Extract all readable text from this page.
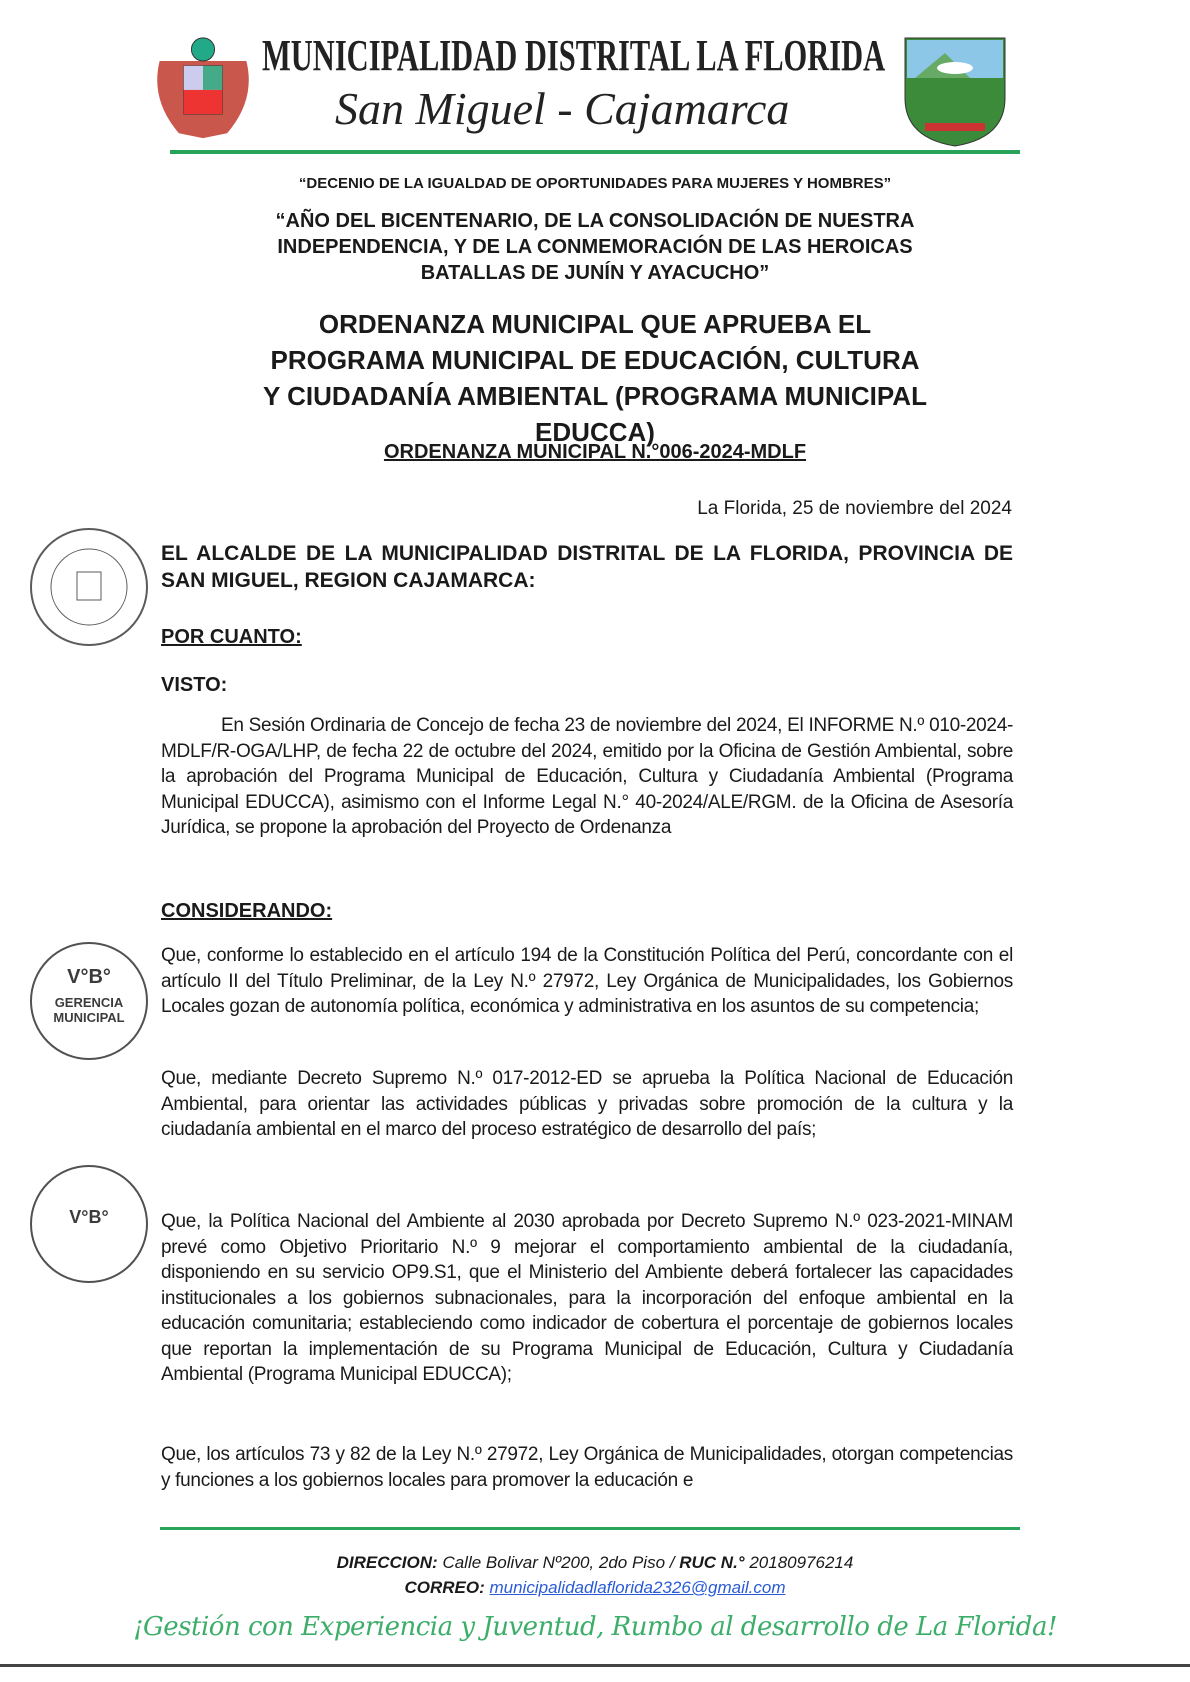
MUNICIPALIDAD DISTRITAL LA FLORIDA
San Miguel - Cajamarca
“DECENIO DE LA IGUALDAD DE OPORTUNIDADES PARA MUJERES Y HOMBRES”
“AÑO DEL BICENTENARIO, DE LA CONSOLIDACIÓN DE NUESTRA INDEPENDENCIA, Y DE LA CONMEMORACIÓN DE LAS HEROICAS BATALLAS DE JUNÍN Y AYACUCHO”
ORDENANZA MUNICIPAL QUE APRUEBA EL PROGRAMA MUNICIPAL DE EDUCACIÓN, CULTURA Y CIUDADANÍA AMBIENTAL (PROGRAMA MUNICIPAL EDUCCA)
ORDENANZA MUNICIPAL N.°006-2024-MDLF
La Florida, 25 de noviembre del 2024
EL ALCALDE DE LA MUNICIPALIDAD DISTRITAL DE LA FLORIDA, PROVINCIA DE SAN MIGUEL, REGION CAJAMARCA:
POR CUANTO:
VISTO:
En Sesión Ordinaria de Concejo de fecha 23 de noviembre del 2024, El INFORME N.º 010-2024- MDLF/R-OGA/LHP, de fecha 22 de octubre del 2024, emitido por la Oficina de Gestión Ambiental, sobre la aprobación del Programa Municipal de Educación, Cultura y Ciudadanía Ambiental (Programa Municipal EDUCCA), asimismo con el Informe Legal N.° 40-2024/ALE/RGM. de la Oficina de Asesoría Jurídica, se propone la aprobación del Proyecto de Ordenanza
CONSIDERANDO:
Que, conforme lo establecido en el artículo 194 de la Constitución Política del Perú, concordante con el artículo II del Título Preliminar, de la Ley N.º 27972, Ley Orgánica de Municipalidades, los Gobiernos Locales gozan de autonomía política, económica y administrativa en los asuntos de su competencia;
Que, mediante Decreto Supremo N.º 017-2012-ED se aprueba la Política Nacional de Educación Ambiental, para orientar las actividades públicas y privadas sobre promoción de la cultura y la ciudadanía ambiental en el marco del proceso estratégico de desarrollo del país;
Que, la Política Nacional del Ambiente al 2030 aprobada por Decreto Supremo N.º 023-2021-MINAM prevé como Objetivo Prioritario N.º 9 mejorar el comportamiento ambiental de la ciudadanía, disponiendo en su servicio OP9.S1, que el Ministerio del Ambiente deberá fortalecer las capacidades institucionales a los gobiernos subnacionales, para la incorporación del enfoque ambiental en la educación comunitaria; estableciendo como indicador de cobertura el porcentaje de gobiernos locales que reportan la implementación de su Programa Municipal de Educación, Cultura y Ciudadanía Ambiental (Programa Municipal EDUCCA);
Que, los artículos 73 y 82 de la Ley N.º 27972, Ley Orgánica de Municipalidades, otorgan competencias y funciones a los gobiernos locales para promover la educación e
V°B°
GERENCIA
MUNICIPAL
V°B°
DIRECCION: Calle Bolivar Nº200, 2do Piso / RUC N.° 20180976214
CORREO: municipalidadlaflorida2326@gmail.com
¡Gestión con Experiencia y Juventud, Rumbo al desarrollo de La Florida!
